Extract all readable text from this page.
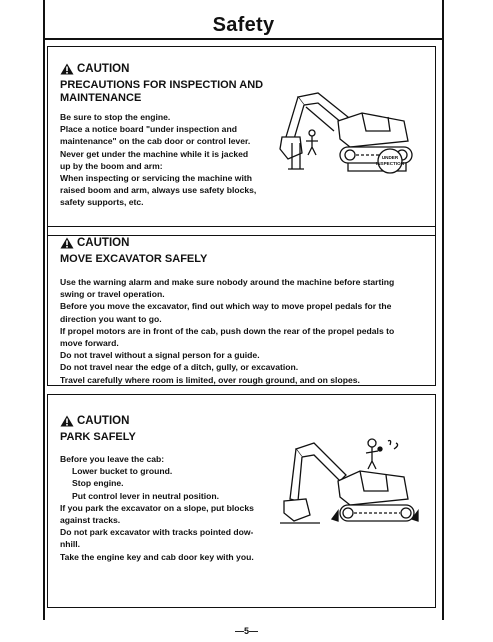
Safety
CAUTION
PRECAUTIONS FOR INSPECTION AND
MAINTENANCE
Be sure to stop the engine.
Place a notice board "under inspection and
maintenance" on the cab door or control lever.
Never get under the machine while it is jacked
up by the boom and arm:
When inspecting or servicing the machine with
raised boom and arm, always use safety blocks,
safety supports, etc.
UNDER
INSPECTION
CAUTION
MOVE EXCAVATOR SAFELY
Use the warning alarm and make sure nobody around the machine before starting
swing or travel operation.
Before you move the excavator, find out which way to move propel pedals for the
direction you want to go.
If propel motors are in front of the cab, push down the rear of the propel pedals to
move forward.
Do not travel without a signal person for a guide.
Do not travel near the edge of a ditch, gully, or excavation.
Travel carefully where room is limited, over rough ground, and on slopes.
CAUTION
PARK SAFELY
Before you leave the cab:
Lower bucket to ground.
Stop engine.
Put control lever in neutral position.
If you park the excavator on a slope, put blocks
against tracks.
Do not park excavator with tracks pointed dow-
nhill.
Take the engine key and cab door key with you.
—5—
